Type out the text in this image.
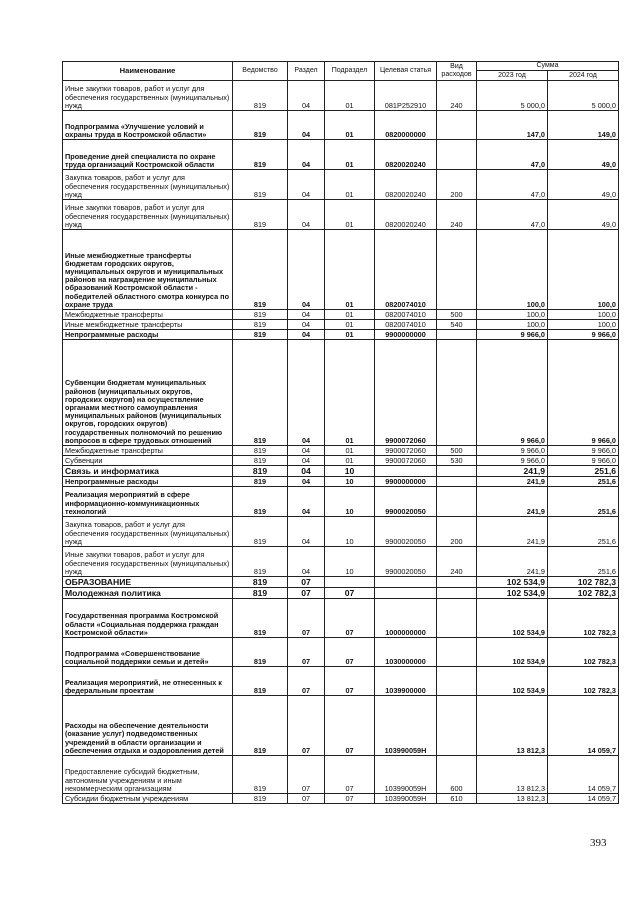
Наименование	Ведомство	Раздел	Подраздел	Целевая статья	Вид расходов	Сумма	
						2023 год	2024 год
Иные закупки товаров, работ и услуг для обеспечения государственных (муниципальных) нужд	819	04	01	081P252910	240	5 000,0	5 000,0
Подпрограмма «Улучшение условий и охраны труда в Костромской области»	819	04	01	0820000000		147,0	149,0
Проведение дней специалиста по охране труда организаций Костромской области	819	04	01	0820020240		47,0	49,0
Закупка товаров, работ и услуг для обеспечения государственных (муниципальных) нужд	819	04	01	0820020240	200	47,0	49,0
Иные закупки товаров, работ и услуг для обеспечения государственных (муниципальных) нужд	819	04	01	0820020240	240	47,0	49,0
Иные межбюджетные трансферты бюджетам городских округов, муниципальных округов и муниципальных районов на награждение муниципальных образований Костромской области - победителей областного смотра конкурса по охране труда	819	04	01	0820074010		100,0	100,0
Межбюджетные трансферты	819	04	01	0820074010	500	100,0	100,0
Иные межбюджетные трансферты	819	04	01	0820074010	540	100,0	100,0
Непрограммные расходы	819	04	01	9900000000		9 966,0	9 966,0
Субвенции бюджетам муниципальных районов (муниципальных округов, городских округов) на осуществление органами местного самоуправления муниципальных районов (муниципальных округов, городских округов) государственных полномочий по решению вопросов в сфере трудовых отношений	819	04	01	9900072060		9 966,0	9 966,0
Межбюджетные трансферты	819	04	01	9900072060	500	9 966,0	9 966,0
Субвенции	819	04	01	9900072060	530	9 966,0	9 966,0
Связь и информатика	819	04	10			241,9	251,6
Непрограммные расходы	819	04	10	9900000000		241,9	251,6
Реализация мероприятий в сфере информационно-коммуникационных технологий	819	04	10	9900020050		241,9	251,6
Закупка товаров, работ и услуг для обеспечения государственных (муниципальных) нужд	819	04	10	9900020050	200	241,9	251,6
Иные закупки товаров, работ и услуг для обеспечения государственных (муниципальных) нужд	819	04	10	9900020050	240	241,9	251,6
ОБРАЗОВАНИЕ	819	07				102 534,9	102 782,3
Молодежная политика	819	07	07			102 534,9	102 782,3
Государственная программа Костромской области «Социальная поддержка граждан Костромской области»	819	07	07	1000000000		102 534,9	102 782,3
Подпрограмма «Совершенствование социальной поддержки семьи и детей»	819	07	07	1030000000		102 534,9	102 782,3
Реализация мероприятий, не отнесенных к федеральным проектам	819	07	07	1039900000		102 534,9	102 782,3
Расходы на обеспечение деятельности (оказание услуг) подведомственных учреждений в области организации и обеспечения отдыха и оздоровления детей	819	07	07	103990059Н		13 812,3	14 059,7
Предоставление субсидий бюджетным, автономным учреждениям и иным некоммерческим организациям	819	07	07	103990059Н	600	13 812,3	14 059,7
Субсидии бюджетным учреждениям	819	07	07	103990059Н	610	13 812,3	14 059,7
393
